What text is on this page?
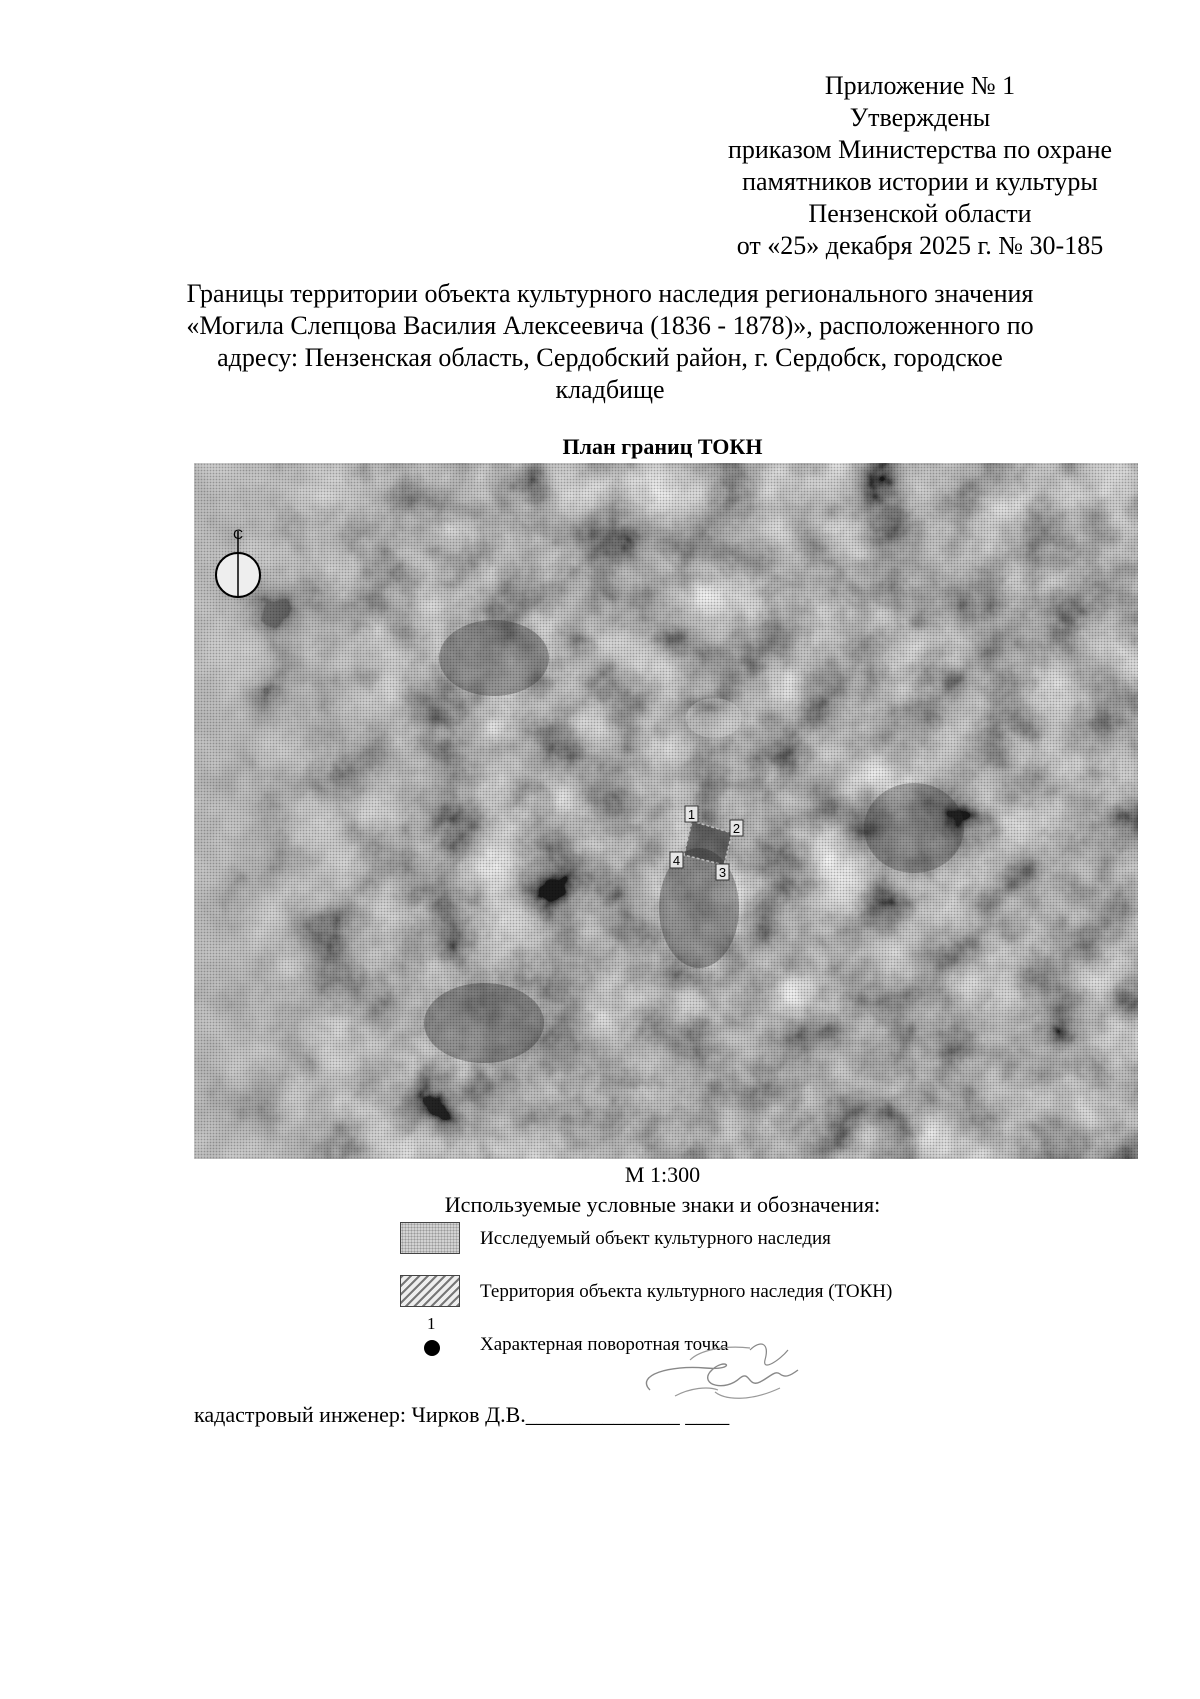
Приложение № 1
Утверждены
приказом Министерства по охране
памятников истории и культуры
Пензенской области
от «25» декабря 2025 г. № 30-185
Границы территории объекта культурного наследия регионального значения
«Могила Слепцова Василия Алексеевича (1836 - 1878)», расположенного по
адресу: Пензенская область, Сердобский район, г. Сердобск, городское
кладбище
План границ ТОКН
С
1
2
3
4
М 1:300
Используемые условные знаки и обозначения:
Исследуемый объект культурного наследия
Территория объекта культурного наследия (ТОКН)
1
Характерная поворотная точка
кадастровый инженер: Чирков Д.В.______________ ____
